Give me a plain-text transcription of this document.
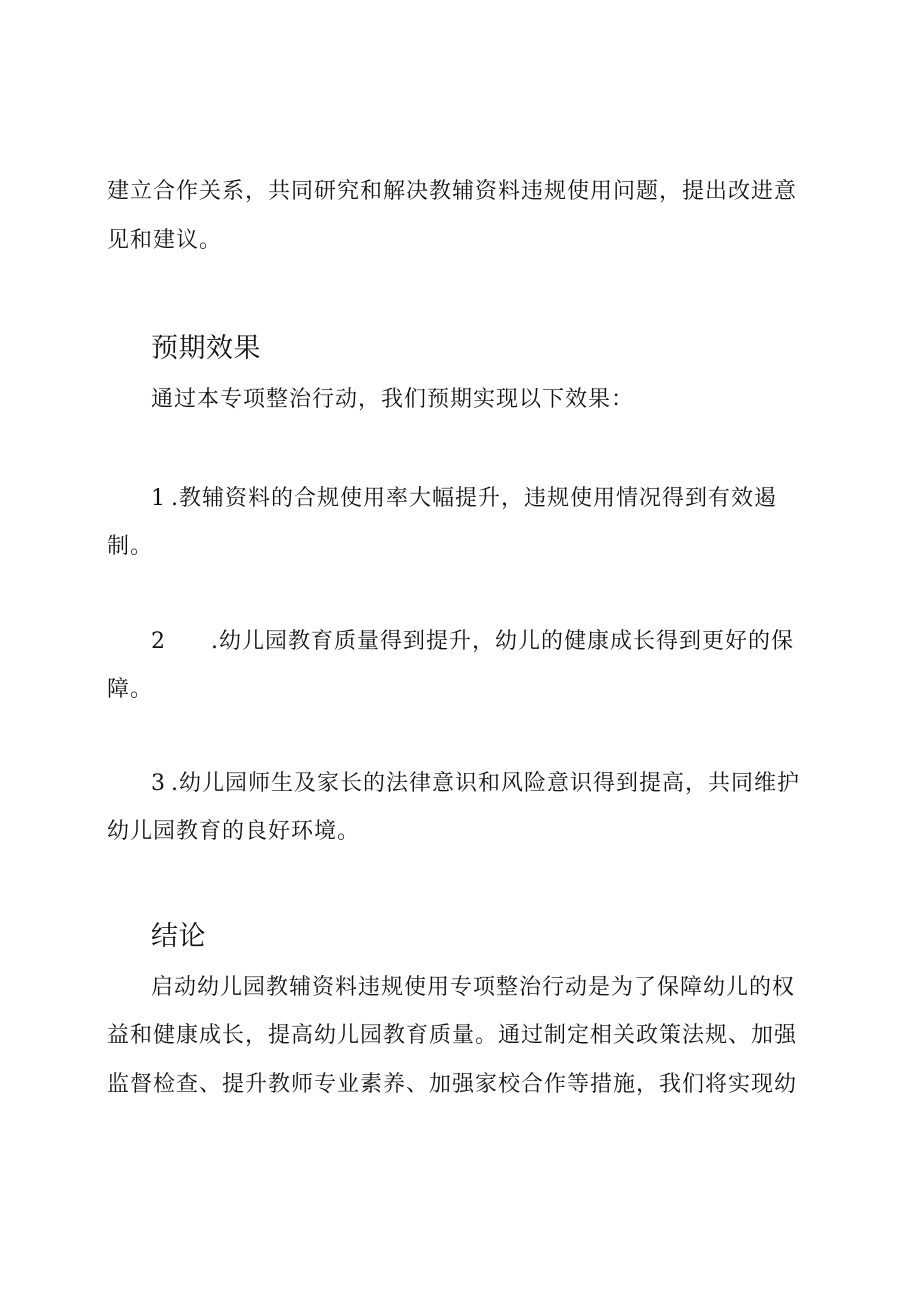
建立合作关系，共同研究和解决教辅资料违规使用问题，提出改进意
见和建议。
预期效果
通过本专项整治行动，我们预期实现以下效果：
1 .教辅资料的合规使用率大幅提升，违规使用情况得到有效遏
制。
2 .幼儿园教育质量得到提升，幼儿的健康成长得到更好的保
障。
3 .幼儿园师生及家长的法律意识和风险意识得到提高，共同维护
幼儿园教育的良好环境。
结论
启动幼儿园教辅资料违规使用专项整治行动是为了保障幼儿的权
益和健康成长，提高幼儿园教育质量。通过制定相关政策法规、加强
监督检查、提升教师专业素养、加强家校合作等措施，我们将实现幼
